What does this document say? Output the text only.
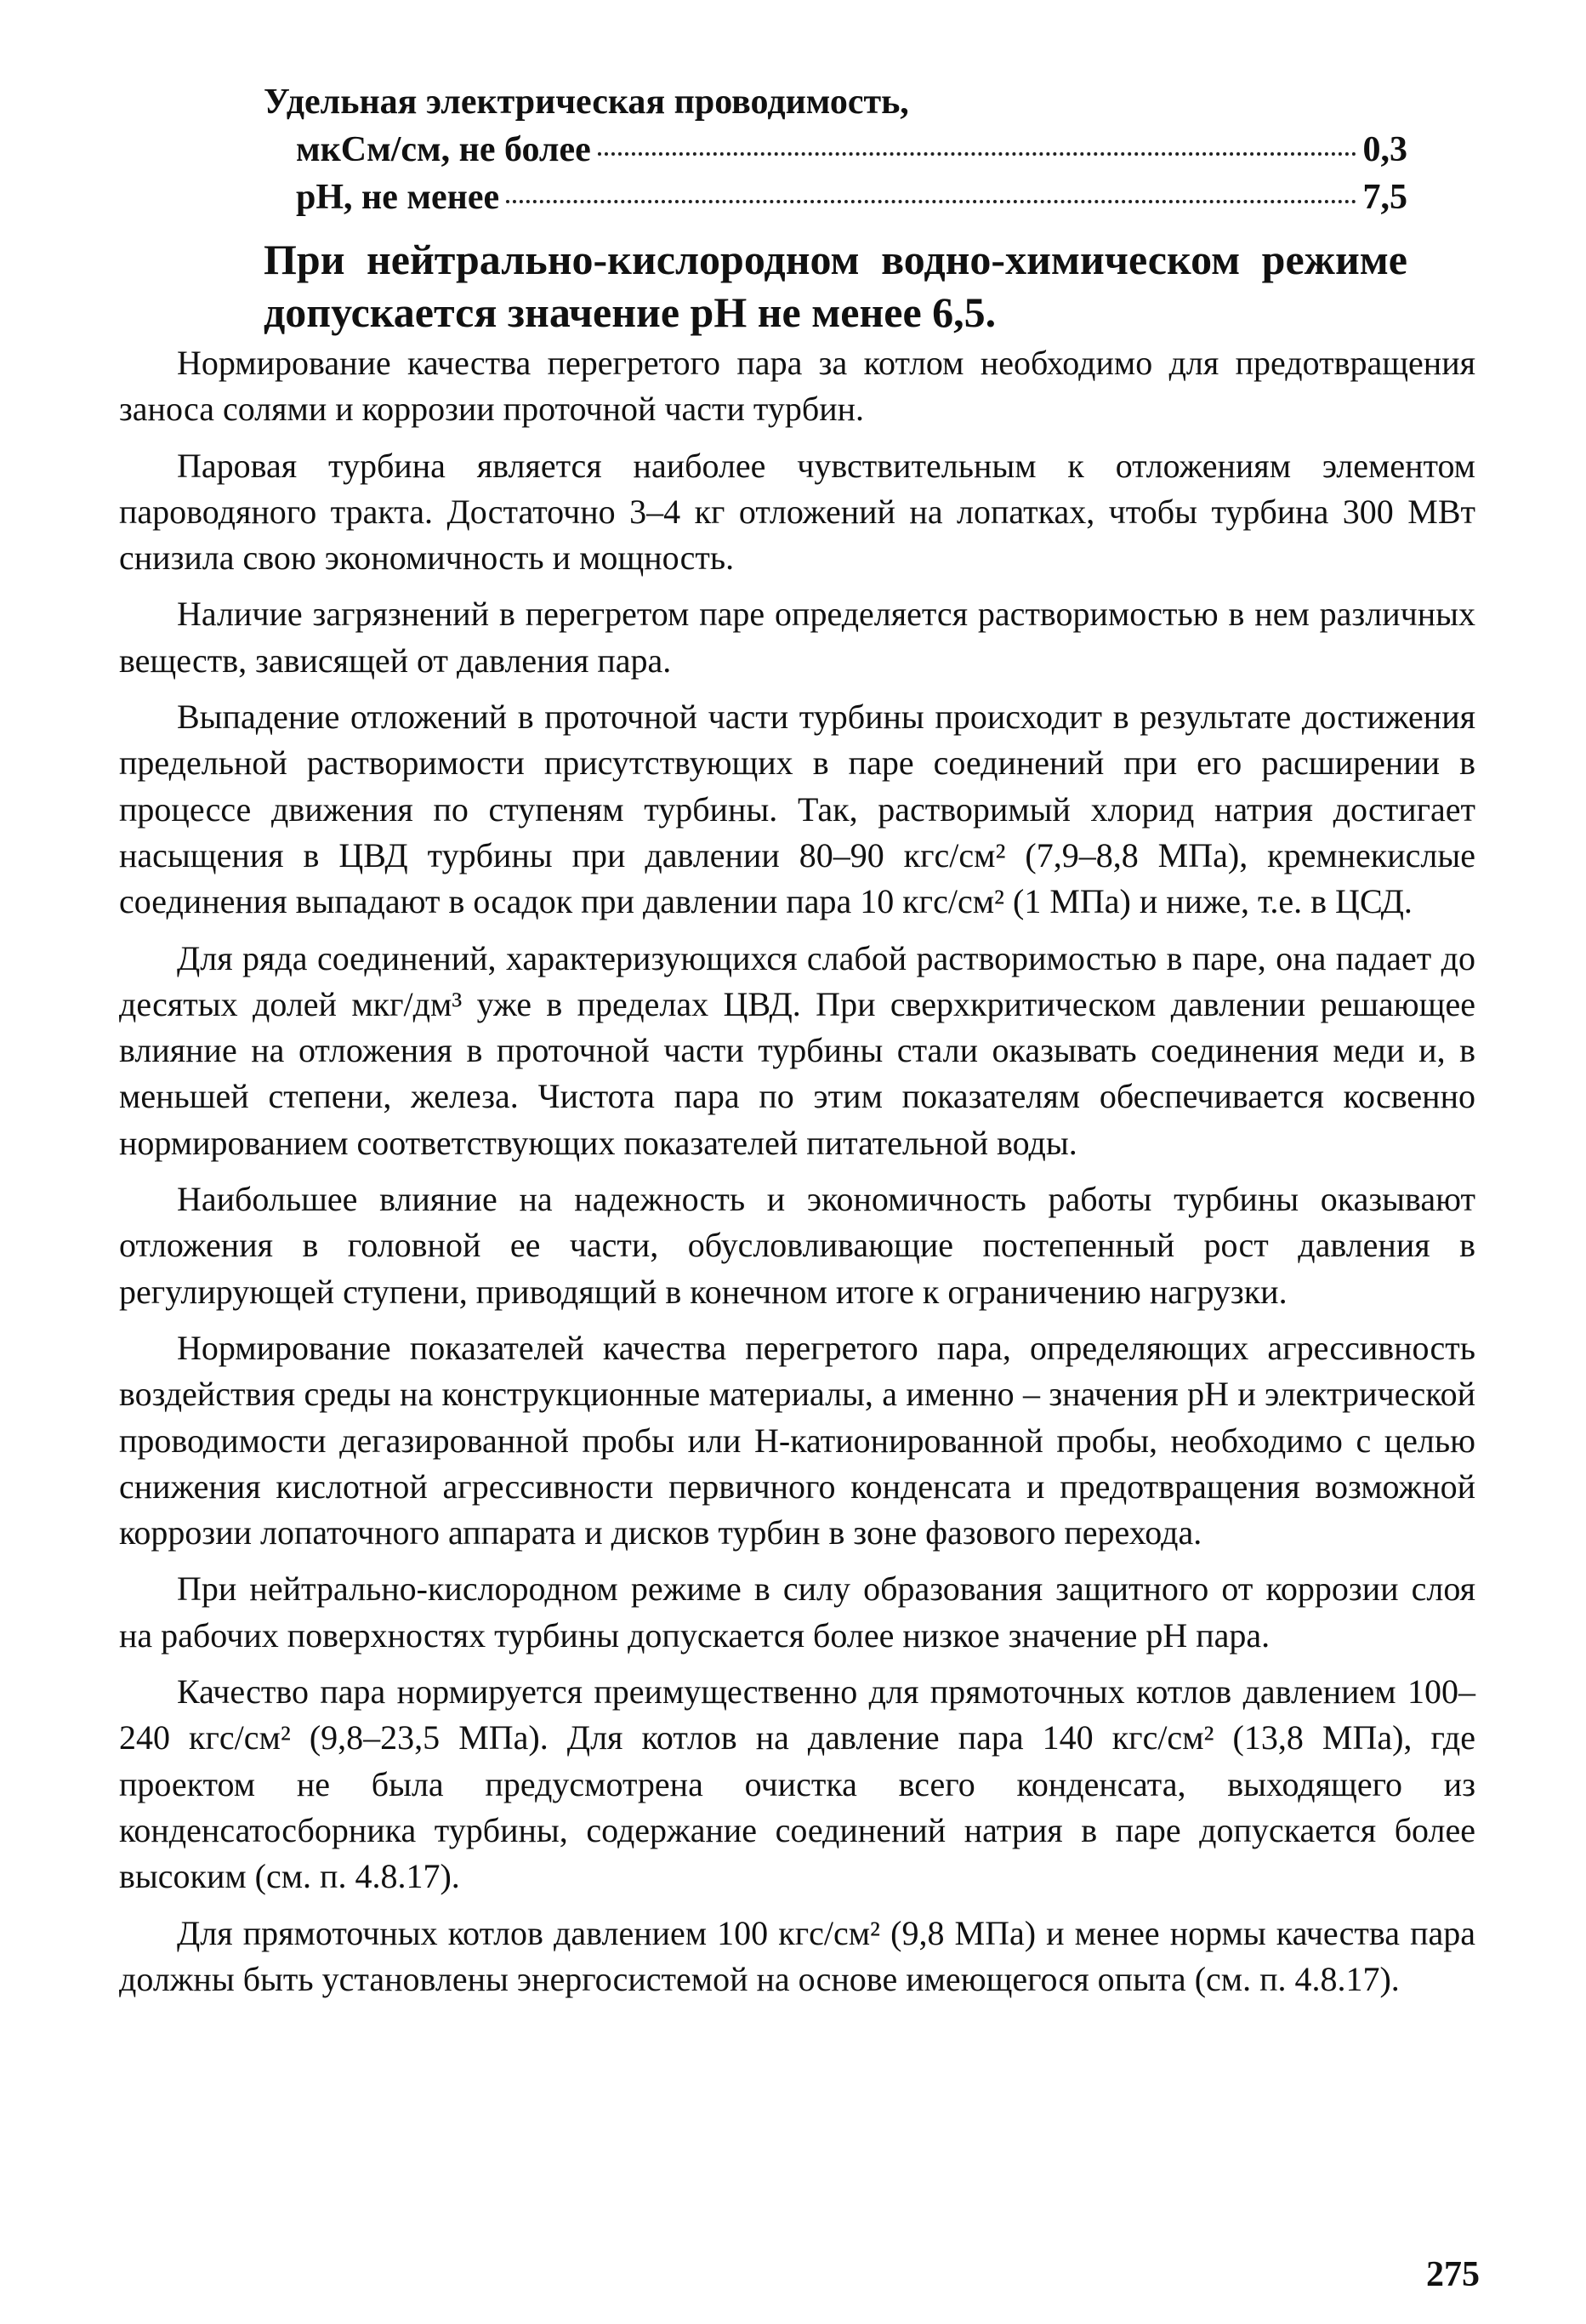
Удельная электрическая проводимость,

мкСм/см, не более	0,3
pH, не менее	7,5

При нейтрально-кислородном водно-химическом режиме допускается значение pH не менее 6,5.

Нормирование качества перегретого пара за котлом необходимо для предотвращения заноса солями и коррозии проточной части турбин.

Паровая турбина является наиболее чувствительным к отложениям элементом пароводяного тракта. Достаточно 3–4 кг отложений на лопатках, чтобы турбина 300 МВт снизила свою экономичность и мощность.

Наличие загрязнений в перегретом паре определяется растворимостью в нем различных веществ, зависящей от давления пара.

Выпадение отложений в проточной части турбины происходит в результате достижения предельной растворимости присутствующих в паре соединений при его расширении в процессе движения по ступеням турбины. Так, растворимый хлорид натрия достигает насыщения в ЦВД турбины при давлении 80–90 кгс/см² (7,9–8,8 МПа), кремнекислые соединения выпадают в осадок при давлении пара 10 кгс/см² (1 МПа) и ниже, т.е. в ЦСД.

Для ряда соединений, характеризующихся слабой растворимостью в паре, она падает до десятых долей мкг/дм³ уже в пределах ЦВД. При сверхкритическом давлении решающее влияние на отложения в проточной части турбины стали оказывать соединения меди и, в меньшей степени, железа. Чистота пара по этим показателям обеспечивается косвенно нормированием соответствующих показателей питательной воды.

Наибольшее влияние на надежность и экономичность работы турбины оказывают отложения в головной ее части, обусловливающие постепенный рост давления в регулирующей ступени, приводящий в конечном итоге к ограничению нагрузки.

Нормирование показателей качества перегретого пара, определяющих агрессивность воздействия среды на конструкционные материалы, а именно – значения pH и электрической проводимости дегазированной пробы или Н-катионированной пробы, необходимо с целью снижения кислотной агрессивности первичного конденсата и предотвращения возможной коррозии лопаточного аппарата и дисков турбин в зоне фазового перехода.

При нейтрально-кислородном режиме в силу образования защитного от коррозии слоя на рабочих поверхностях турбины допускается более низкое значение pH пара.

Качество пара нормируется преимущественно для прямоточных котлов давлением 100–240 кгс/см² (9,8–23,5 МПа). Для котлов на давление пара 140 кгс/см² (13,8 МПа), где проектом не была предусмотрена очистка всего конденсата, выходящего из конденсатосборника турбины, содержание соединений натрия в паре допускается более высоким (см. п. 4.8.17).

Для прямоточных котлов давлением 100 кгс/см² (9,8 МПа) и менее нормы качества пара должны быть установлены энергосистемой на основе имеющегося опыта (см. п. 4.8.17).

275
